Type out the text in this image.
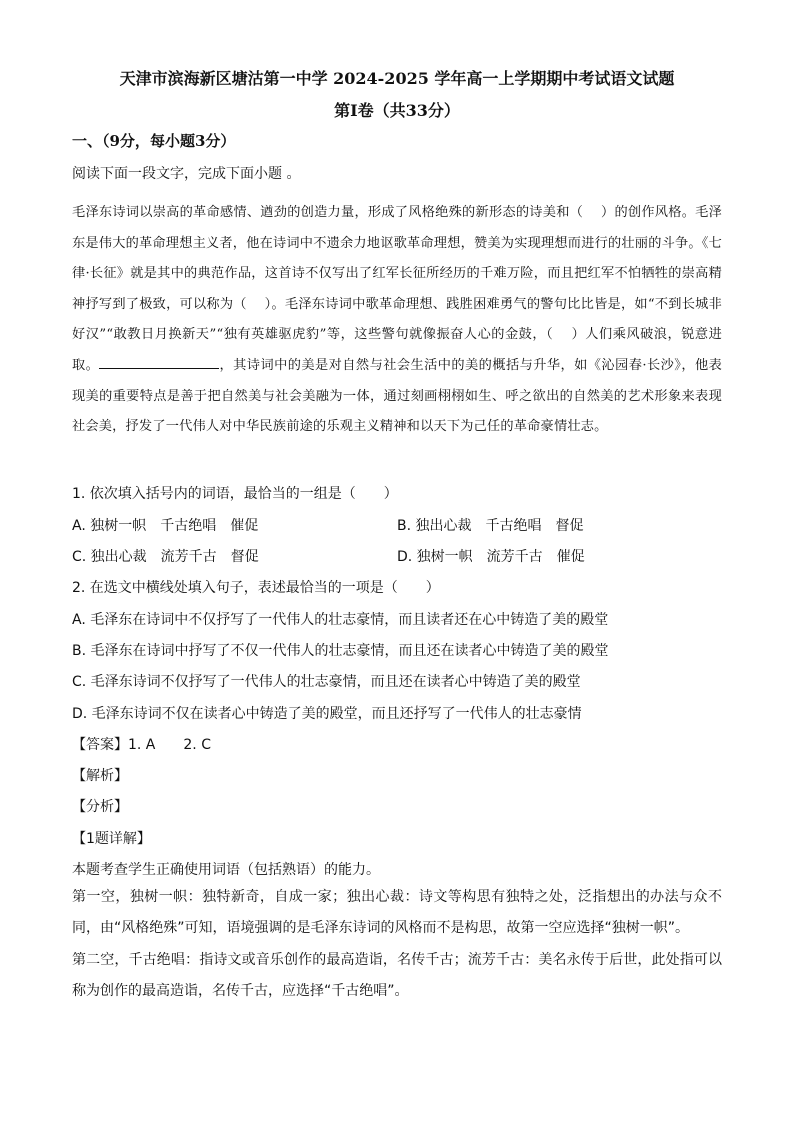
天津市滨海新区塘沽第一中学 2024-2025 学年高一上学期期中考试语文试题
第Ⅰ卷（共33分）
一、（9分，每小题3分）
阅读下面一段文字，完成下面小题 。

毛泽东诗词以崇高的革命感情、遒劲的创造力量，形成了风格绝殊的新形态的诗美和（　 ）的创作风格。毛泽东是伟大的革命理想主义者，他在诗词中不遗余力地讴歌革命理想，赞美为实现理想而进行的壮丽的斗争。《七律·长征》就是其中的典范作品，这首诗不仅写出了红军长征所经历的千难万险，而且把红军不怕牺牲的崇高精神抒写到了极致，可以称为（　 ）。毛泽东诗词中歌革命理想、践胜困难勇气的警句比比皆是，如“不到长城非好汉”“敢教日月换新天”“独有英雄驱虎豹”等，这些警句就像振奋人心的金鼓，（　 ）人们乘风破浪，锐意进取。	，其诗词中的美是对自然与社会生活中的美的概括与升华，如《沁园春·长沙》，他表现美的重要特点是善于把自然美与社会美融为一体，通过刻画栩栩如生、呼之欲出的自然美的艺术形象来表现社会美，抒发了一代伟人对中华民族前途的乐观主义精神和以天下为己任的革命豪情壮志。

1. 依次填入括号内的词语，最恰当的一组是（　　）
A. 独树一帜　千古绝唱　催促	B. 独出心裁　千古绝唱　督促
C. 独出心裁　流芳千古　督促	D. 独树一帜　流芳千古　催促
2. 在选文中横线处填入句子，表述最恰当的一项是（　　）
A. 毛泽东在诗词中不仅抒写了一代伟人的壮志豪情，而且读者还在心中铸造了美的殿堂
B. 毛泽东在诗词中抒写了不仅一代伟人的壮志豪情，而且还在读者心中铸造了美的殿堂
C. 毛泽东诗词不仅抒写了一代伟人的壮志豪情，而且还在读者心中铸造了美的殿堂
D. 毛泽东诗词不仅在读者心中铸造了美的殿堂，而且还抒写了一代伟人的壮志豪情
【答案】1. A　　2. C
【解析】
【分析】
【1题详解】
本题考查学生正确使用词语（包括熟语）的能力。

第一空，独树一帜：独特新奇，自成一家；独出心裁：诗文等构思有独特之处，泛指想出的办法与众不同，由“风格绝殊”可知，语境强调的是毛泽东诗词的风格而不是构思，故第一空应选择“独树一帜”。

第二空，千古绝唱：指诗文或音乐创作的最高造诣，名传千古；流芳千古：美名永传于后世，此处指可以称为创作的最高造诣，名传千古，应选择“千古绝唱”。
